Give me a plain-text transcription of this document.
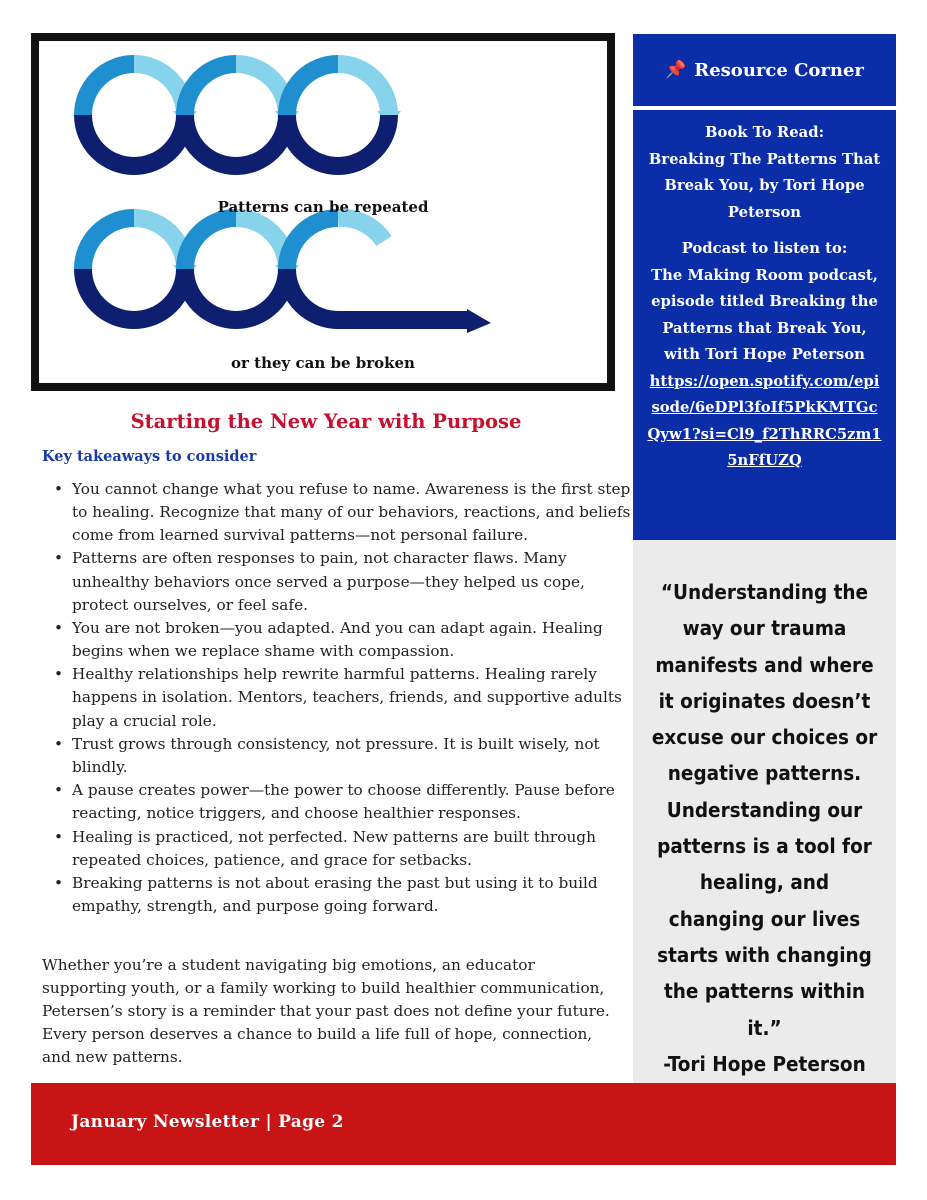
Patterns can be repeated
or they can be broken
Starting the New Year with Purpose
Key takeaways to consider
• You cannot change what you refuse to name. Awareness is the first step to healing. Recognize that many of our behaviors, reactions, and beliefs come from learned survival patterns—not personal failure.
• Patterns are often responses to pain, not character flaws. Many unhealthy behaviors once served a purpose—they helped us cope, protect ourselves, or feel safe.
• You are not broken—you adapted. And you can adapt again. Healing begins when we replace shame with compassion.
• Healthy relationships help rewrite harmful patterns. Healing rarely happens in isolation. Mentors, teachers, friends, and supportive adults play a crucial role.
• Trust grows through consistency, not pressure. It is built wisely, not blindly.
• A pause creates power—the power to choose differently. Pause before reacting, notice triggers, and choose healthier responses.
• Healing is practiced, not perfected. New patterns are built through repeated choices, patience, and grace for setbacks.
• Breaking patterns is not about erasing the past but using it to build empathy, strength, and purpose going forward.

Whether you’re a student navigating big emotions, an educator supporting youth, or a family working to build healthier communication, Petersen’s story is a reminder that your past does not define your future. Every person deserves a chance to build a life full of hope, connection, and new patterns.

📌 Resource Corner

Book To Read:

Breaking The Patterns That Break You, by Tori Hope Peterson

Podcast to listen to:

The Making Room podcast, episode titled Breaking the Patterns that Break You, with Tori Hope Peterson

https://open.spotify.com/episode/6eDPl3foIf5PkKMTGcQyw1?si=Cl9_f2ThRRC5zm15nFfUZQ

“Understanding the way our trauma manifests and where it originates doesn’t excuse our choices or negative patterns. Understanding our patterns is a tool for healing, and changing our lives starts with changing the patterns within it.”

-Tori Hope Peterson

January Newsletter | Page 2
